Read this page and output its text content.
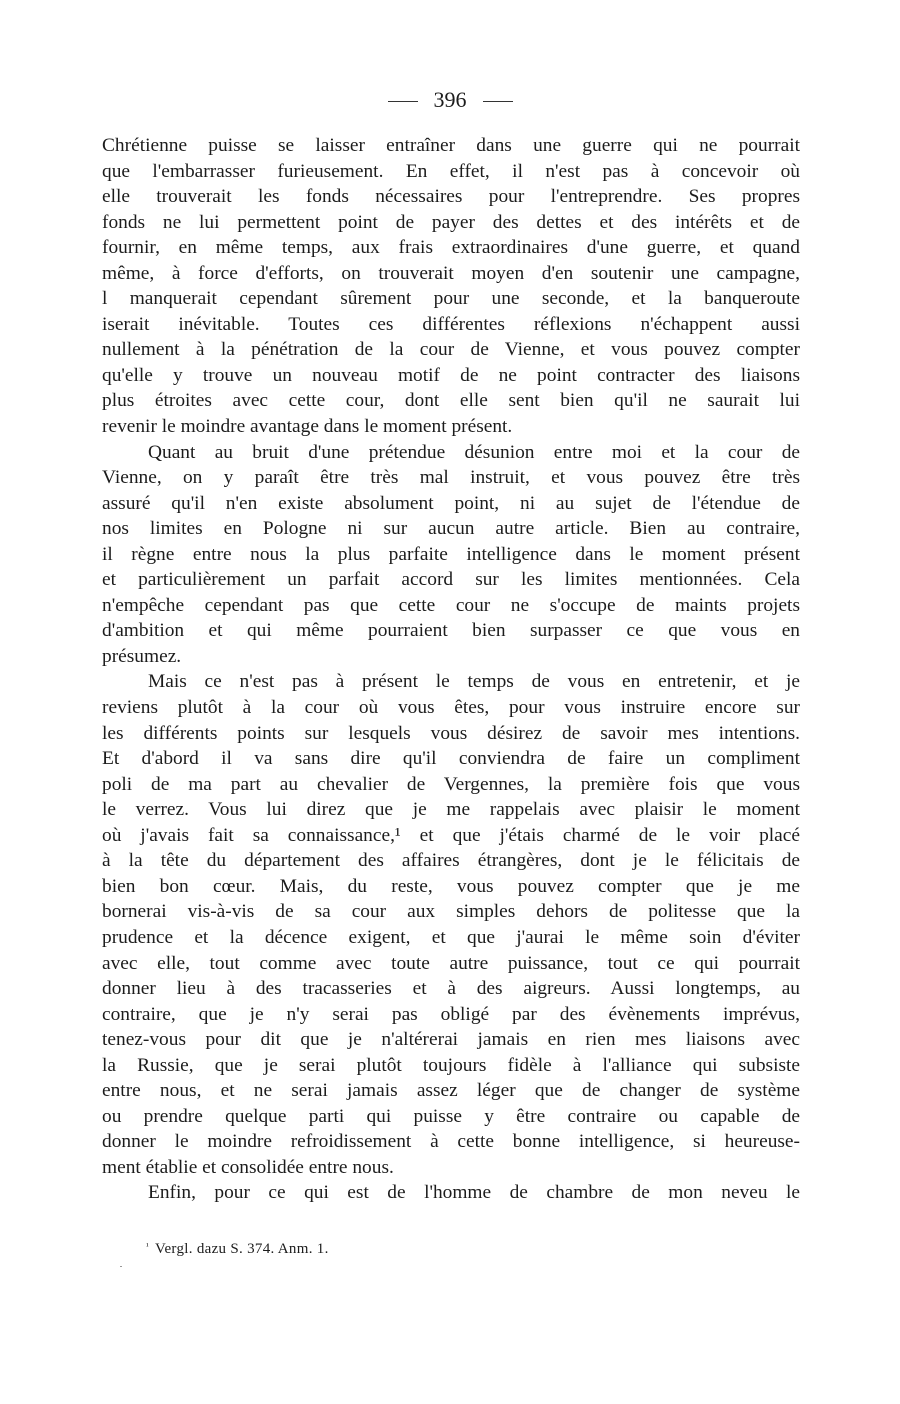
396
Chrétienne puisse se laisser entraîner dans une guerre qui ne pourrait
que l'embarrasser furieusement. En effet, il n'est pas à concevoir où
elle trouverait les fonds nécessaires pour l'entreprendre. Ses propres
fonds ne lui permettent point de payer des dettes et des intérêts et de
fournir, en même temps, aux frais extraordinaires d'une guerre, et quand
même, à force d'efforts, on trouverait moyen d'en soutenir une campagne,
l manquerait cependant sûrement pour une seconde, et la banqueroute
iserait inévitable. Toutes ces différentes réflexions n'échappent aussi
nullement à la pénétration de la cour de Vienne, et vous pouvez compter
qu'elle y trouve un nouveau motif de ne point contracter des liaisons
plus étroites avec cette cour, dont elle sent bien qu'il ne saurait lui
revenir le moindre avantage dans le moment présent.
Quant au bruit d'une prétendue désunion entre moi et la cour de
Vienne, on y paraît être très mal instruit, et vous pouvez être très
assuré qu'il n'en existe absolument point, ni au sujet de l'étendue de
nos limites en Pologne ni sur aucun autre article. Bien au contraire,
il règne entre nous la plus parfaite intelligence dans le moment présent
et particulièrement un parfait accord sur les limites mentionnées. Cela
n'empêche cependant pas que cette cour ne s'occupe de maints projets
d'ambition et qui même pourraient bien surpasser ce que vous en
présumez.
Mais ce n'est pas à présent le temps de vous en entretenir, et je
reviens plutôt à la cour où vous êtes, pour vous instruire encore sur
les différents points sur lesquels vous désirez de savoir mes intentions.
Et d'abord il va sans dire qu'il conviendra de faire un compliment
poli de ma part au chevalier de Vergennes, la première fois que vous
le verrez. Vous lui direz que je me rappelais avec plaisir le moment
où j'avais fait sa connaissance,¹ et que j'étais charmé de le voir placé
à la tête du département des affaires étrangères, dont je le félicitais de
bien bon cœur. Mais, du reste, vous pouvez compter que je me
bornerai vis-à-vis de sa cour aux simples dehors de politesse que la
prudence et la décence exigent, et que j'aurai le même soin d'éviter
avec elle, tout comme avec toute autre puissance, tout ce qui pourrait
donner lieu à des tracasseries et à des aigreurs. Aussi longtemps, au
contraire, que je n'y serai pas obligé par des évènements imprévus,
tenez-vous pour dit que je n'altérerai jamais en rien mes liaisons avec
la Russie, que je serai plutôt toujours fidèle à l'alliance qui subsiste
entre nous, et ne serai jamais assez léger que de changer de système
ou prendre quelque parti qui puisse y être contraire ou capable de
donner le moindre refroidissement à cette bonne intelligence, si heureuse-
ment établie et consolidée entre nous.
Enfin, pour ce qui est de l'homme de chambre de mon neveu le
$^{^1}$ Vergl. dazu S. 374. Anm. 1.
